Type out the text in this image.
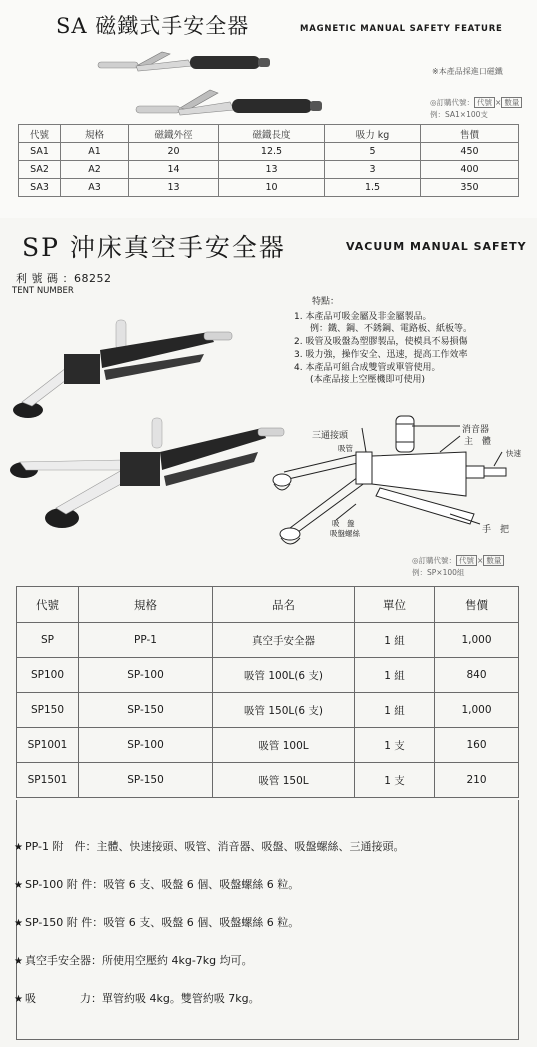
SA 磁鐵式手安全器	MAGNETIC MANUAL SAFETY FEATURE
※本產品採進口磁鐵
◎訂購代號： 代號 × 數量
例：SA1×100支
代號	規格	磁鐵外徑	磁鐵長度	吸力 kg	售價
SA1	A1	20	12.5	5	450
SA2	A2	14	13	3	400
SA3	A3	13	10	1.5	350
SP 沖床真空手安全器	VACUUM MANUAL SAFETY
利 號 碼 ：68252
TENT NUMBER
特點：
1. 本產品可吸金屬及非金屬製品。
例：鐵、鋼、不銹鋼、電路板、紙板等。
2. 吸管及吸盤為塑膠製品，使模具不易損傷
3. 吸力強，操作安全、迅速，提高工作效率
4. 本產品可組合成雙管或單管使用。
(本產品接上空壓機即可使用)
三通接頭
吸管
消音器
主　體
快速
吸　盤
吸盤螺絲	手　把
◎訂購代號： 代號 × 數量
例：SP×100組
代號	規格	品名	單位	售價
SP	PP-1	真空手安全器	1 組	1,000
SP100	SP-100	吸管 100L(6 支)	1 組	840
SP150	SP-150	吸管 150L(6 支)	1 組	1,000
SP1001	SP-100	吸管 100L	1 支	160
SP1501	SP-150	吸管 150L	1 支	210
★ PP-1 附　件：主體、快速接頭、吸管、消音器、吸盤、吸盤螺絲、三通接頭。
★ SP-100 附 件：吸管 6 支、吸盤 6 個、吸盤螺絲 6 粒。
★ SP-150 附 件：吸管 6 支、吸盤 6 個、吸盤螺絲 6 粒。
★ 真空手安全器：所使用空壓約 4kg-7kg 均可。
★ 吸　　　　力：單管約吸 4kg。雙管約吸 7kg。
